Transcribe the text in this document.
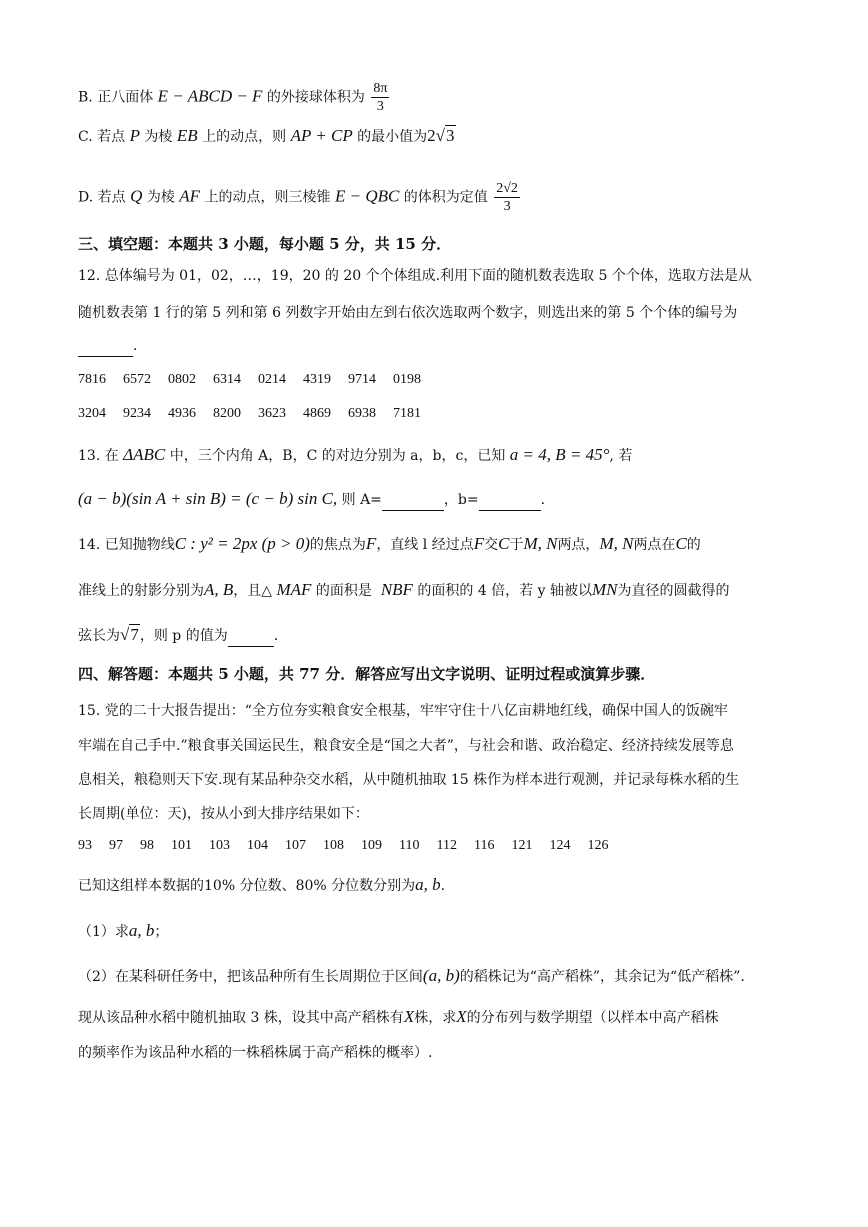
B. 正八面体 E − ABCD − F 的外接球体积为 $\frac{8\pi}{3}$
C. 若点 P 为棱 EB 上的动点，则 AP + CP 的最小值为2√3
D. 若点 Q 为棱 AF 上的动点，则三棱锥 E − QBC 的体积为定值 $\frac{2√2}{3}$
三、填空题：本题共 3 小题，每小题 5 分，共 15 分．
12. 总体编号为 01，02，…，19，20 的 20 个个体组成.利用下面的随机数表选取 5 个个体，选取方法是从
随机数表第 1 行的第 5 列和第 6 列数字开始由左到右依次选取两个数字，则选出来的第 5 个个体的编号为
.
7816 6572 0802 6314 0214 4319 9714 0198
3204 9234 4936 8200 3623 4869 6938 7181
13. 在 ΔABC 中，三个内角 A，B，C 的对边分别为 a，b，c，已知 a = 4, B = 45°, 若
(a − b)(sin A + sin B) = (c − b) sin C, 则 A=	，b=	.
14. 已知抛物线C : y² = 2px (p > 0)的焦点为F，直线 l 经过点F交C于M, N两点，M, N两点在C的
准线上的射影分别为A, B，且△ MAF 的面积是 NBF 的面积的 4 倍，若 y 轴被以MN为直径的圆截得的
弦长为√7，则 p 的值为	.
四、解答题：本题共 5 小题，共 77 分．解答应写出文字说明、证明过程或演算步骤．
15. 党的二十大报告提出：“全方位夯实粮食安全根基，牢牢守住十八亿亩耕地红线，确保中国人的饭碗牢
牢端在自己手中.”粮食事关国运民生，粮食安全是“国之大者”，与社会和谐、政治稳定、经济持续发展等息
息相关，粮稳则天下安.现有某品种杂交水稻，从中随机抽取 15 株作为样本进行观测，并记录每株水稻的生
长周期(单位：天)，按从小到大排序结果如下：
93 97 98 101 103 104 107 108 109 110 112 116 121 124 126
已知这组样本数据的10% 分位数、80% 分位数分别为a, b.
（1）求a, b；
（2）在某科研任务中，把该品种所有生长周期位于区间(a, b)的稻株记为“高产稻株”，其余记为“低产稻株”.
现从该品种水稻中随机抽取 3 株，设其中高产稻株有X株，求X的分布列与数学期望（以样本中高产稻株
的频率作为该品种水稻的一株稻株属于高产稻株的概率）.
